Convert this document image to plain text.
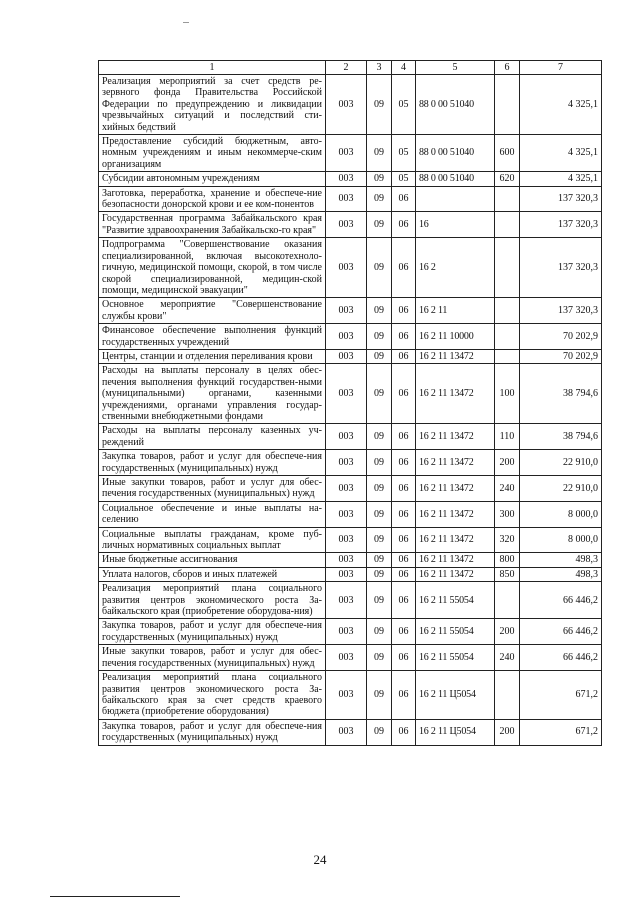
1	2	3	4	5	6	7
Реализация мероприятий за счет средств ре-зервного фонда Правительства Российской Федерации по предупреждению и ликвидации чрезвычайных ситуаций и последствий сти-хийных бедствий	003	09	05	88 0 00 51040		4 325,1
Предоставление субсидий бюджетным, авто-номным учреждениям и иным некоммерче-ским организациям	003	09	05	88 0 00 51040	600	4 325,1
Субсидии автономным учреждениям	003	09	05	88 0 00 51040	620	4 325,1
Заготовка, переработка, хранение и обеспече-ние безопасности донорской крови и ее ком-понентов	003	09	06			137 320,3
Государственная программа Забайкальского края "Развитие здравоохранения Забайкальско-го края"	003	09	06	16		137 320,3
Подпрограмма "Совершенствование оказания специализированной, включая высокотехноло-гичную, медицинской помощи, скорой, в том числе скорой специализированной, медицин-ской помощи, медицинской эвакуации"	003	09	06	16 2		137 320,3
Основное мероприятие "Совершенствование службы крови"	003	09	06	16 2 11		137 320,3
Финансовое обеспечение выполнения функций государственных учреждений	003	09	06	16 2 11 10000		70 202,9
Центры, станции и отделения переливания крови	003	09	06	16 2 11 13472		70 202,9
Расходы на выплаты персоналу в целях обес-печения выполнения функций государствен-ными (муниципальными) органами, казенными учреждениями, органами управления государ-ственными внебюджетными фондами	003	09	06	16 2 11 13472	100	38 794,6
Расходы на выплаты персоналу казенных уч-реждений	003	09	06	16 2 11 13472	110	38 794,6
Закупка товаров, работ и услуг для обеспече-ния государственных (муниципальных) нужд	003	09	06	16 2 11 13472	200	22 910,0
Иные закупки товаров, работ и услуг для обес-печения государственных (муниципальных) нужд	003	09	06	16 2 11 13472	240	22 910,0
Социальное обеспечение и иные выплаты на-селению	003	09	06	16 2 11 13472	300	8 000,0
Социальные выплаты гражданам, кроме пуб-личных нормативных социальных выплат	003	09	06	16 2 11 13472	320	8 000,0
Иные бюджетные ассигнования	003	09	06	16 2 11 13472	800	498,3
Уплата налогов, сборов и иных платежей	003	09	06	16 2 11 13472	850	498,3
Реализация мероприятий плана социального развития центров экономического роста За-байкальского края (приобретение оборудова-ния)	003	09	06	16 2 11 55054		66 446,2
Закупка товаров, работ и услуг для обеспече-ния государственных (муниципальных) нужд	003	09	06	16 2 11 55054	200	66 446,2
Иные закупки товаров, работ и услуг для обес-печения государственных (муниципальных) нужд	003	09	06	16 2 11 55054	240	66 446,2
Реализация мероприятий плана социального развития центров экономического роста За-байкальского края за счет средств краевого бюджета (приобретение оборудования)	003	09	06	16 2 11 Ц5054		671,2
Закупка товаров, работ и услуг для обеспече-ния государственных (муниципальных) нужд	003	09	06	16 2 11 Ц5054	200	671,2
24
